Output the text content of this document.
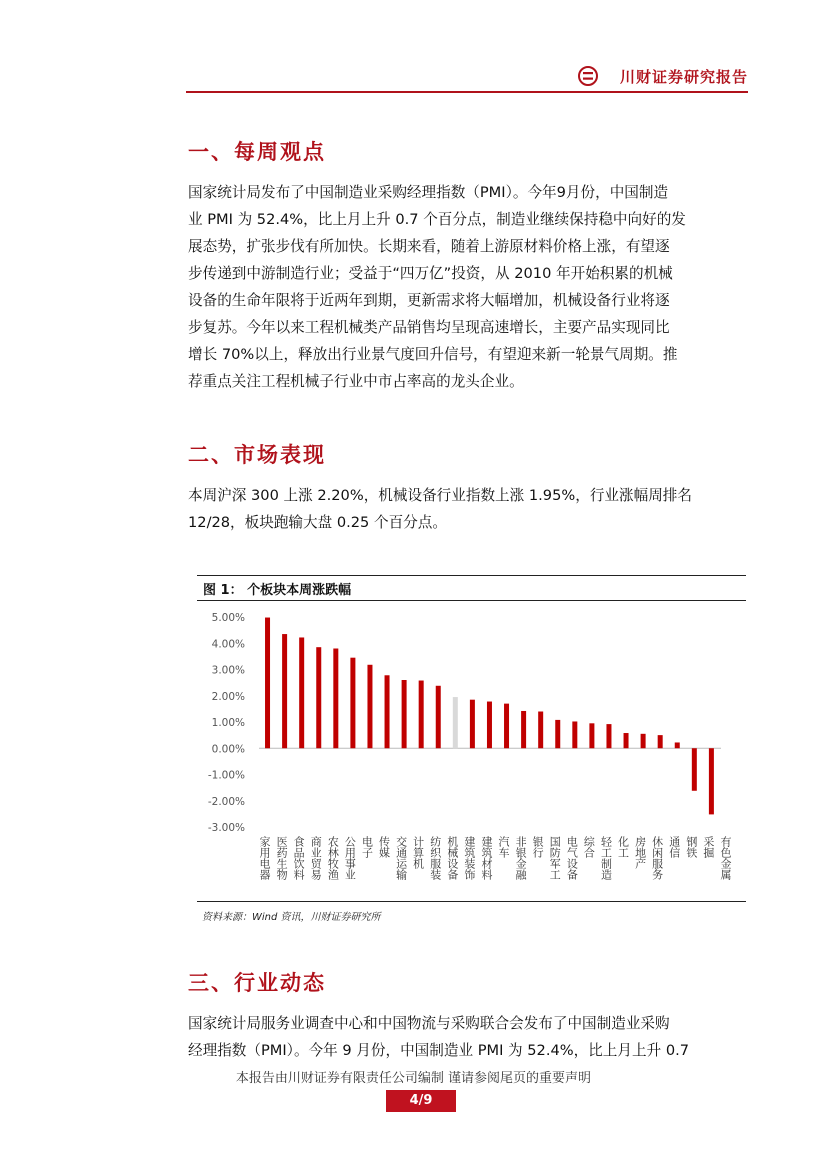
川财证券研究报告
一、每周观点
国家统计局发布了中国制造业采购经理指数（PMI）。今年9月份，中国制造
业 PMI 为 52.4%，比上月上升 0.7 个百分点，制造业继续保持稳中向好的发
展态势，扩张步伐有所加快。长期来看，随着上游原材料价格上涨，有望逐
步传递到中游制造行业；受益于“四万亿”投资，从 2010 年开始积累的机械
设备的生命年限将于近两年到期，更新需求将大幅增加，机械设备行业将逐
步复苏。今年以来工程机械类产品销售均呈现高速增长，主要产品实现同比
增长 70%以上，释放出行业景气度回升信号，有望迎来新一轮景气周期。推
荐重点关注工程机械子行业中市占率高的龙头企业。
二、市场表现
本周沪深 300 上涨 2.20%，机械设备行业指数上涨 1.95%，行业涨幅周排名
12/28，板块跑输大盘 0.25 个百分点。

图 1： 个板块本周涨跌幅

5.00%
4.00%
3.00%
2.00%
1.00%
0.00%
-1.00%
-2.00%
-3.00%
家用电器 医药生物 食品饮料 商业贸易 农林牧渔 公用事业 电子 传媒 交通运输 计算机 纺织服装 机械设备 建筑装饰 建筑材料 汽车 非银金融 银行 国防军工 电气设备 综合 轻工制造 化工 房地产 休闲服务 通信 钢铁 采掘 有色金属

资料来源：Wind 资讯，川财证券研究所

三、行业动态
国家统计局服务业调查中心和中国物流与采购联合会发布了中国制造业采购
经理指数（PMI）。今年 9 月份，中国制造业 PMI 为 52.4%，比上月上升 0.7

本报告由川财证券有限责任公司编制 谨请参阅尾页的重要声明

4/9
